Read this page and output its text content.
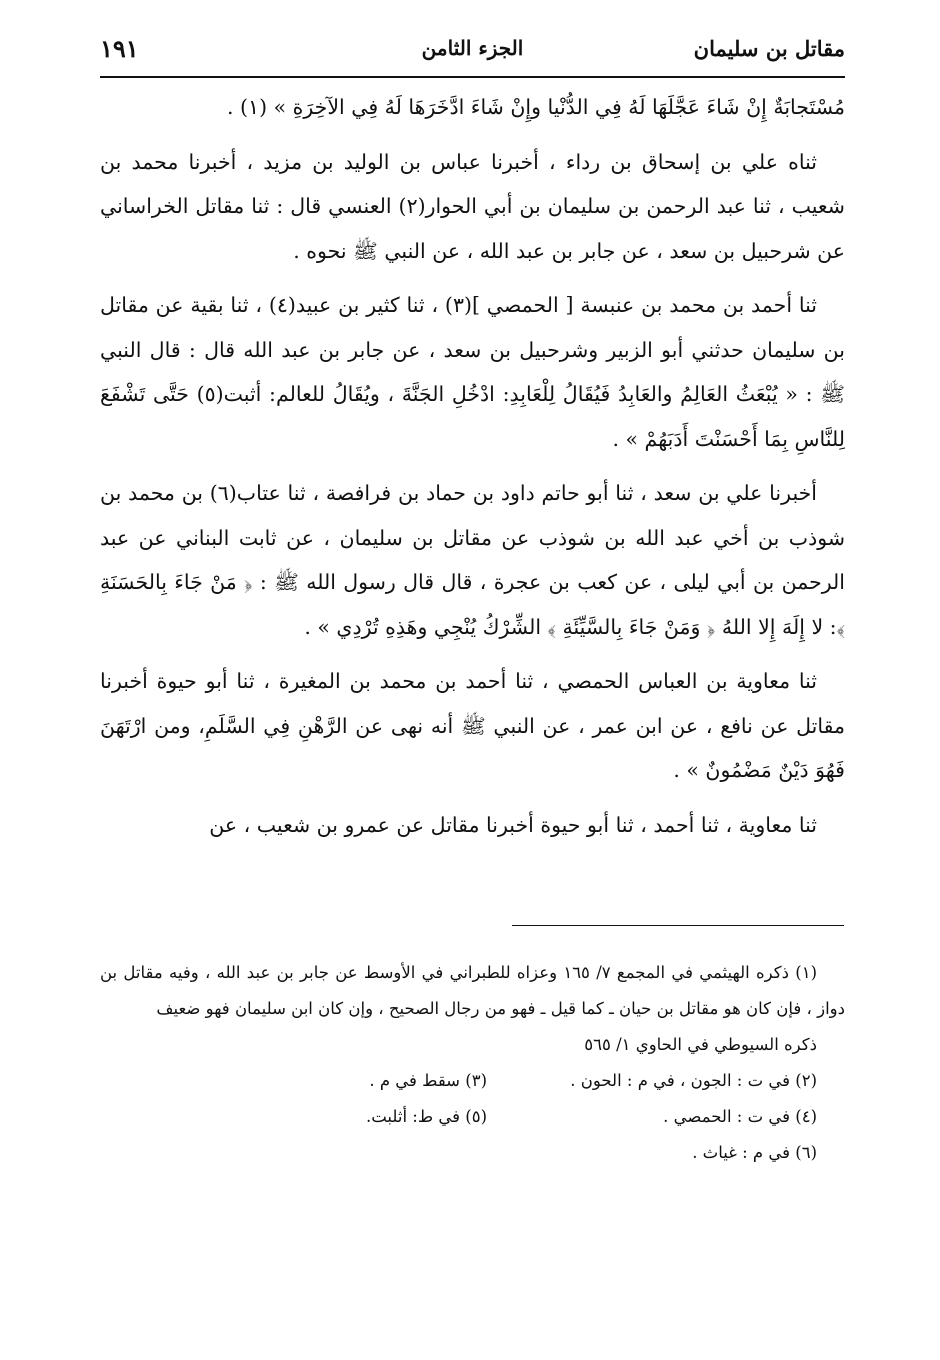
مقاتل بن سليمان
الجزء الثامن
١٩١

مُسْتَجابَةٌ إِنْ شَاءَ عَجَّلَهَا لَهُ فِي الدُّنْيا وإِنْ شَاءَ ادَّخَرَهَا لَهُ فِي الآخِرَةِ » (١) .

ثناه علي بن إسحاق بن رداء ، أخبرنا عباس بن الوليد بن مزيد ، أخبرنا محمد بن شعيب ، ثنا عبد الرحمن بن سليمان بن أبي الحوار(٢) العنسي قال : ثنا مقاتل الخراساني عن شرحبيل بن سعد ، عن جابر بن عبد الله ، عن النبي ﷺ نحوه .

ثنا أحمد بن محمد بن عنبسة [ الحمصي ](٣) ، ثنا كثير بن عبيد(٤) ، ثنا بقية عن مقاتل بن سليمان حدثني أبو الزبير وشرحبيل بن سعد ، عن جابر بن عبد الله قال : قال النبي ﷺ : « يُبْعَثُ العَالِمُ والعَابِدُ فَيُقَالُ لِلْعَابِدِ: ادْخُلِ الجَنَّةَ ، ويُقَالُ للعالم: أثبت(٥) حَتَّى تَشْفَعَ لِلنَّاسِ بِمَا أَحْسَنْتَ أَدَبَهُمْ » .

أخبرنا علي بن سعد ، ثنا أبو حاتم داود بن حماد بن فرافصة ، ثنا عتاب(٦) بن محمد بن شوذب بن أخي عبد الله بن شوذب عن مقاتل بن سليمان ، عن ثابت البناني عن عبد الرحمن بن أبي ليلى ، عن كعب بن عجرة ، قال قال رسول الله ﷺ : ﴿ مَنْ جَاءَ بِالحَسَنَةِ ﴾: لا إِلَهَ إِلا اللهُ ﴿ وَمَنْ جَاءَ بِالسَّيِّئَةِ ﴾ الشِّرْكُ يُنْجِي وهَذِهِ تُرْدِي » .

ثنا معاوية بن العباس الحمصي ، ثنا أحمد بن محمد بن المغيرة ، ثنا أبو حيوة أخبرنا مقاتل عن نافع ، عن ابن عمر ، عن النبي ﷺ أنه نهى عن الرَّهْنِ فِي السَّلَمِ، ومن ارْتَهَنَ فَهُوَ دَيْنٌ مَضْمُونٌ » .

ثنا معاوية ، ثنا أحمد ، ثنا أبو حيوة أخبرنا مقاتل عن عمرو بن شعيب ، عن

(١) ذكره الهيثمي في المجمع ٧/ ١٦٥ وعزاه للطبراني في الأوسط عن جابر بن عبد الله ، وفيه مقاتل بن دواز ، فإن كان هو مقاتل بن حيان ـ كما قيل ـ فهو من رجال الصحيح ، وإن كان ابن سليمان فهو ضعيف

ذكره السيوطي في الحاوي ١/ ٥٦٥

(٢) في ت : الجون ، في م : الحون .
(٣) سقط في م .
(٤) في ت : الحمصي .
(٥) في ط: أثلبت.

(٦) في م : غياث .
